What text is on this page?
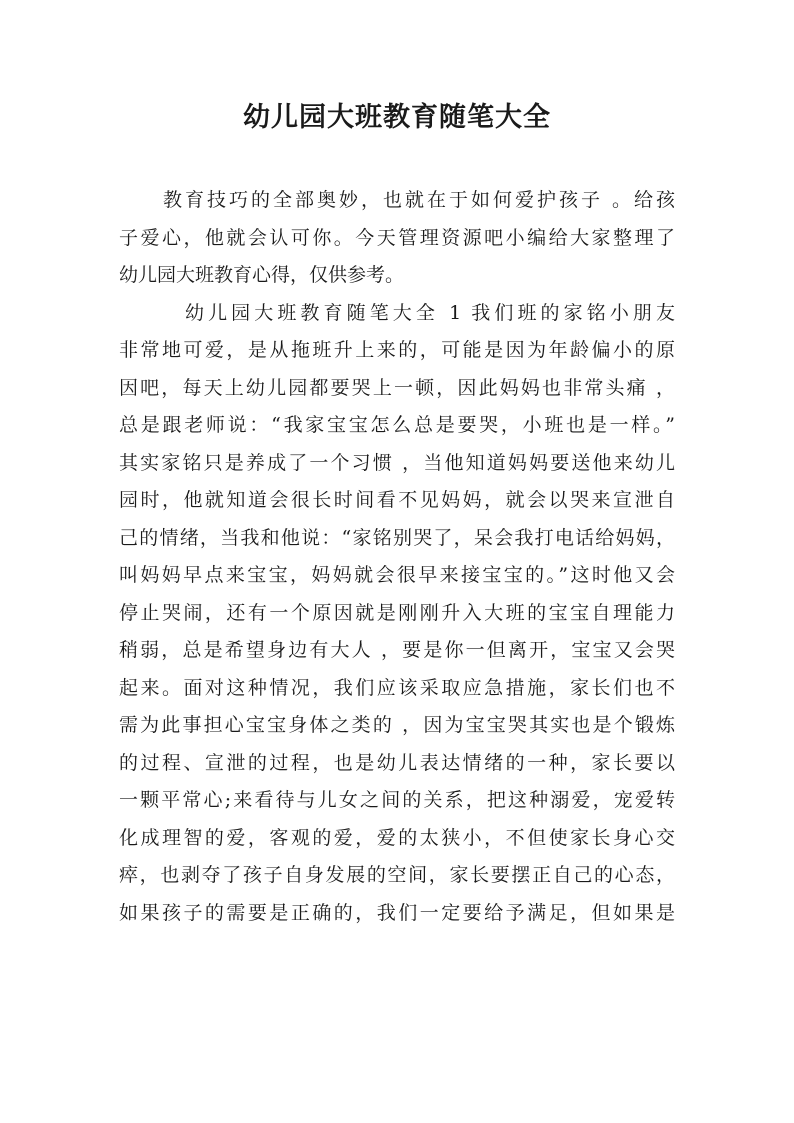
幼儿园大班教育随笔大全
教育技巧的全部奥妙，也就在于如何爱护孩子 。给孩
子爱心，他就会认可你。今天管理资源吧小编给大家整理了
幼儿园大班教育心得，仅供参考。
幼儿园大班教育随笔大全 1 我们班的家铭小朋友
非常地可爱，是从拖班升上来的，可能是因为年龄偏小的原
因吧，每天上幼儿园都要哭上一顿，因此妈妈也非常头痛 ，
总是跟老师说：“我家宝宝怎么总是要哭，小班也是一样。”
其实家铭只是养成了一个习惯 ，当他知道妈妈要送他来幼儿
园时，他就知道会很长时间看不见妈妈，就会以哭来宣泄自
己的情绪，当我和他说：“家铭别哭了，呆会我打电话给妈妈，
叫妈妈早点来宝宝，妈妈就会很早来接宝宝的。”这时他又会
停止哭闹，还有一个原因就是刚刚升入大班的宝宝自理能力
稍弱，总是希望身边有大人 ，要是你一但离开，宝宝又会哭
起来。面对这种情况，我们应该采取应急措施，家长们也不
需为此事担心宝宝身体之类的 ，因为宝宝哭其实也是个锻炼
的过程、宣泄的过程，也是幼儿表达情绪的一种，家长要以
一颗平常心;来看待与儿女之间的关系，把这种溺爱，宠爱转
化成理智的爱，客观的爱，爱的太狭小，不但使家长身心交
瘁，也剥夺了孩子自身发展的空间，家长要摆正自己的心态，
如果孩子的需要是正确的，我们一定要给予满足，但如果是
